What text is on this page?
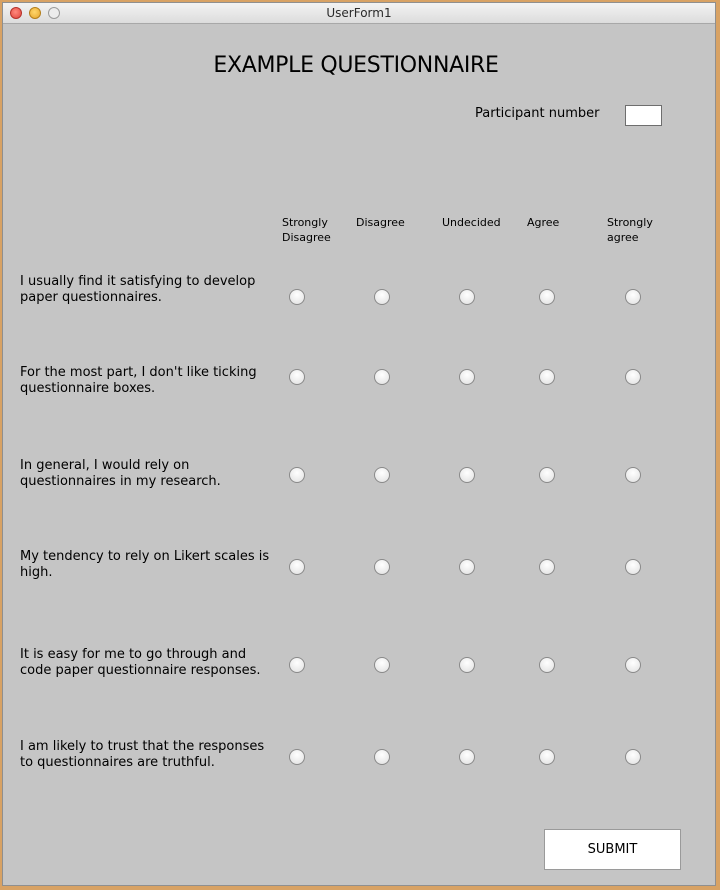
UserForm1
EXAMPLE QUESTIONNAIRE
Participant number
Strongly
Disagree
Disagree	Undecided Agree	Strongly
agree
I usually find it satisfying to develop paper questionnaires.
For the most part, I don't like ticking questionnaire boxes.
In general, I would rely on questionnaires in my research.
My tendency to rely on Likert scales is high.
It is easy for me to go through and code paper questionnaire responses.
I am likely to trust that the responses to questionnaires are truthful.
SUBMIT
